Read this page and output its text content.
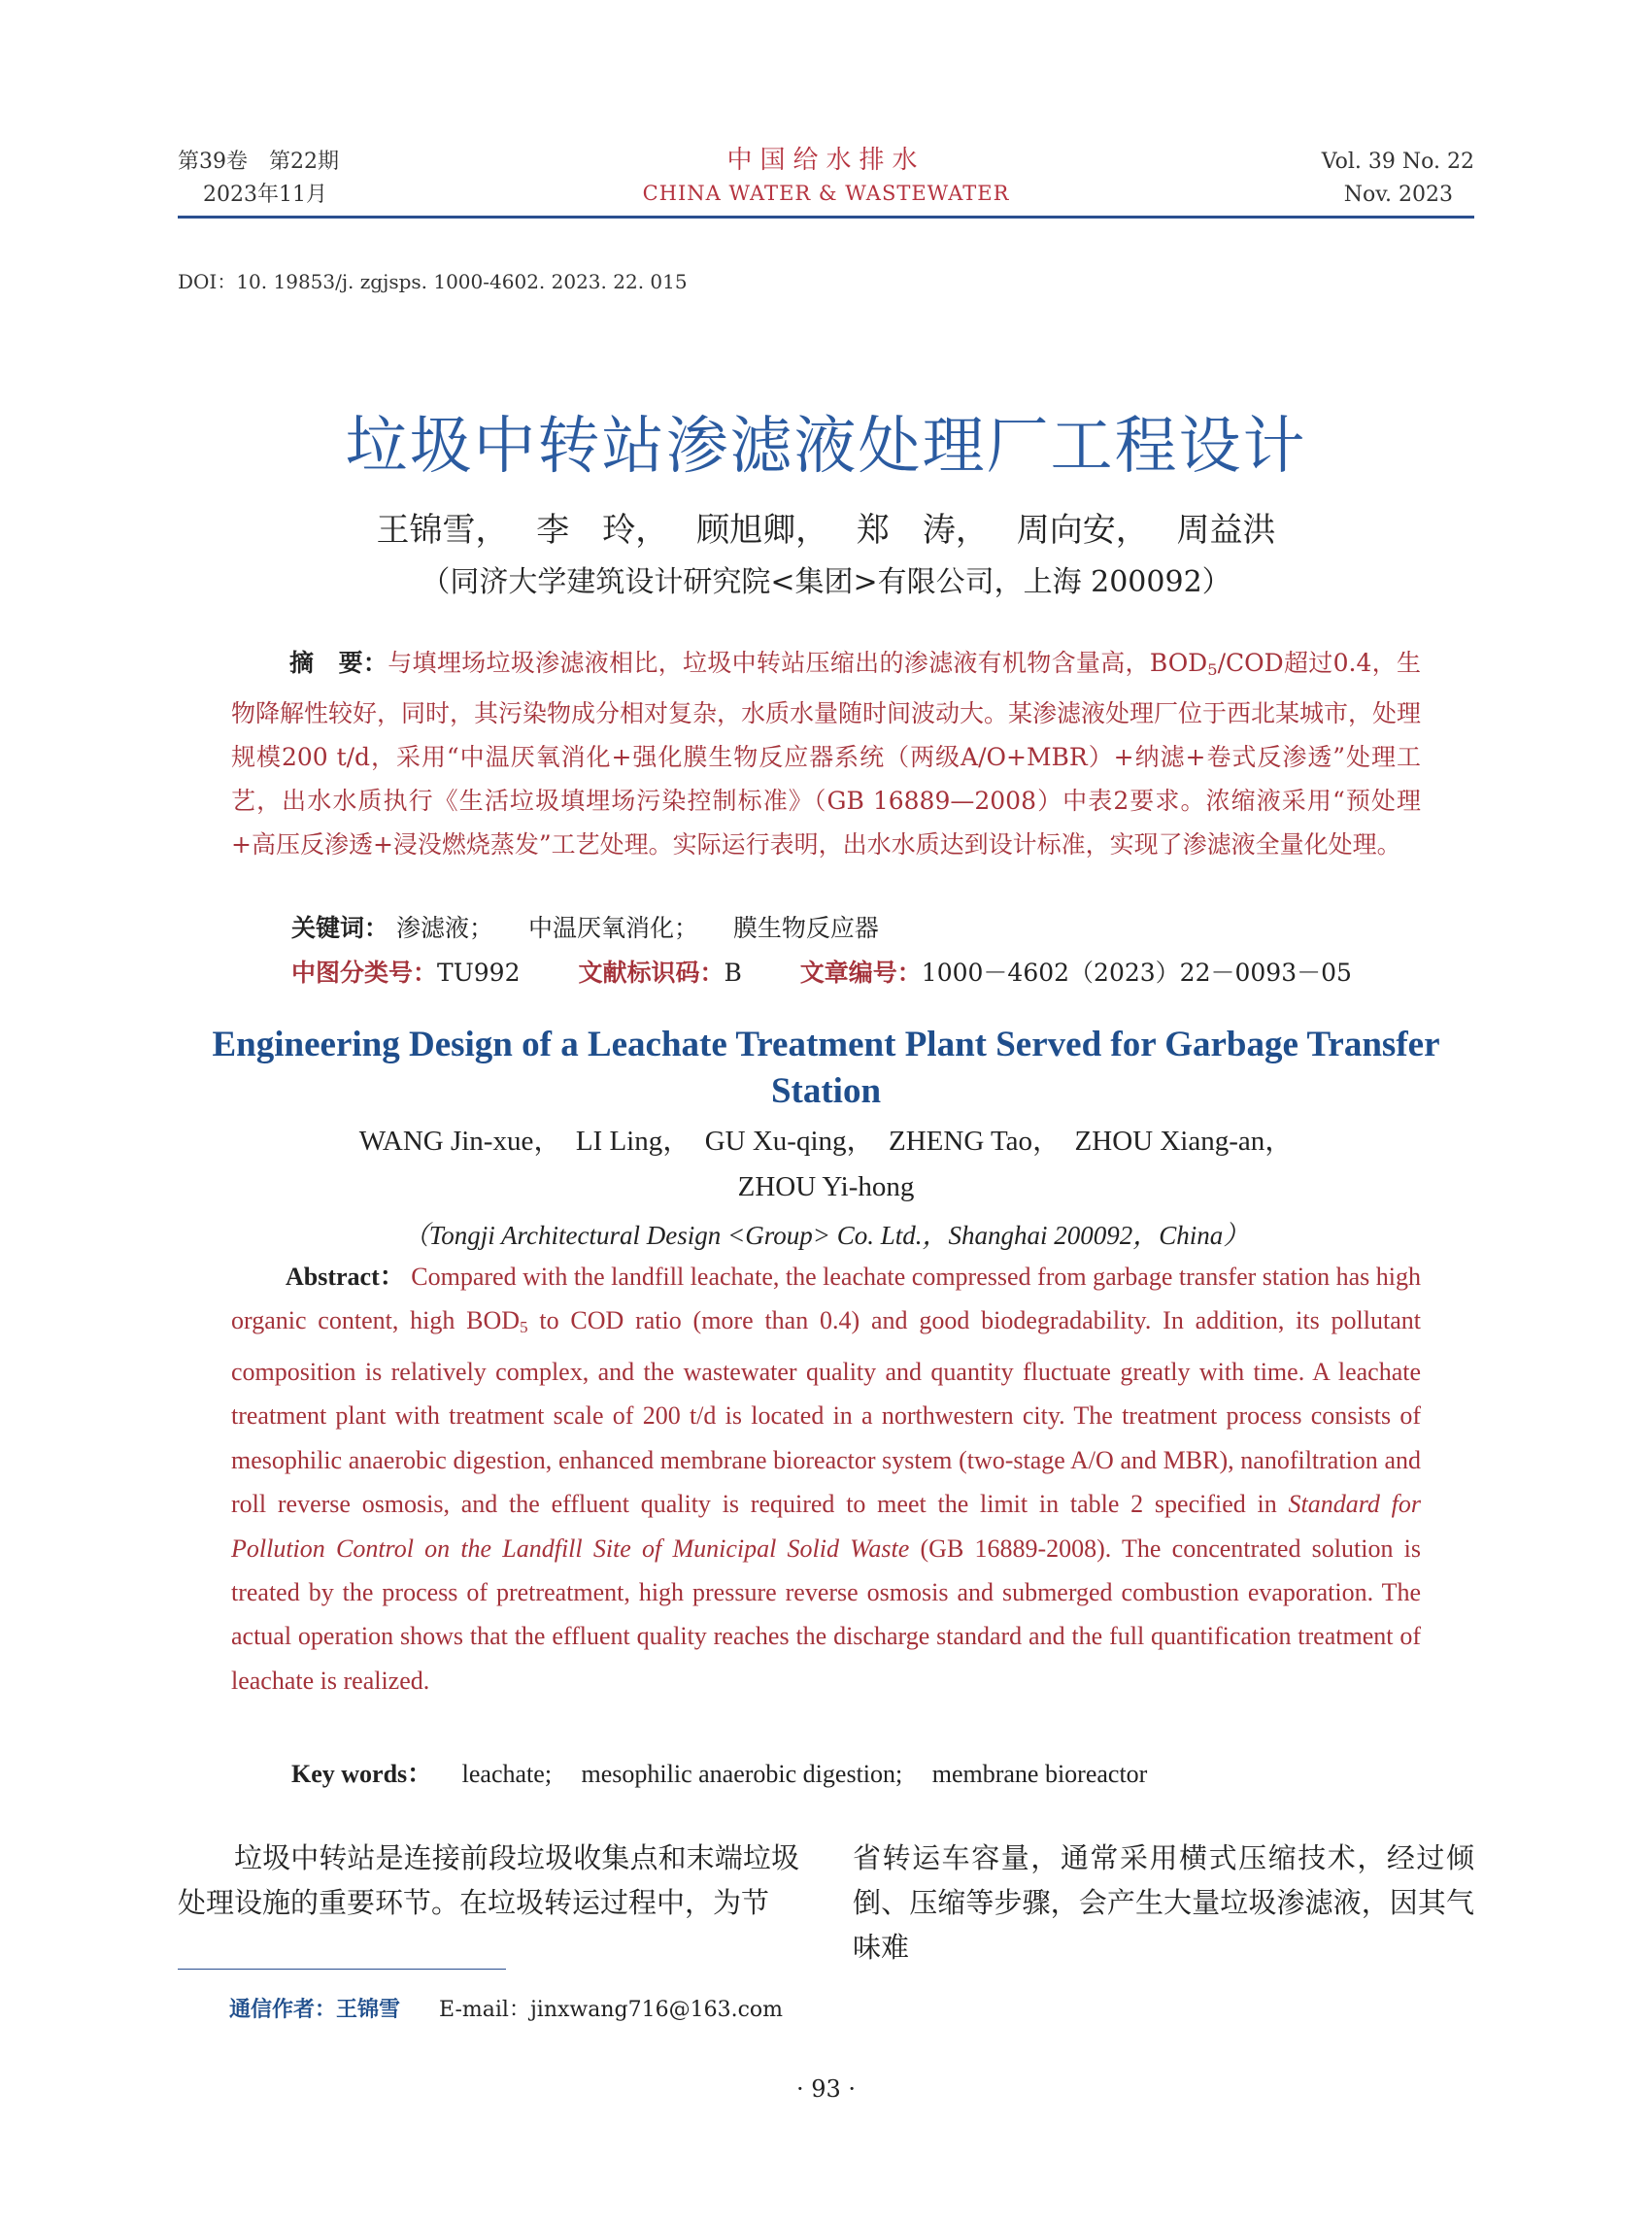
第39卷　第22期
2023年11月
中国给水排水
CHINA WATER & WASTEWATER
Vol. 39 No. 22
Nov. 2023
DOI：10. 19853/j. zgjsps. 1000-4602. 2023. 22. 015
垃圾中转站渗滤液处理厂工程设计
王锦雪， 李　玲， 顾旭卿， 郑　涛， 周向安， 周益洪
（同济大学建筑设计研究院<集团>有限公司，上海 200092）
摘　要：与填埋场垃圾渗滤液相比，垃圾中转站压缩出的渗滤液有机物含量高，$BOD_5$/COD超过0.4，生物降解性较好，同时，其污染物成分相对复杂，水质水量随时间波动大。某渗滤液处理厂位于西北某城市，处理规模200 t/d，采用“中温厌氧消化+强化膜生物反应器系统（两级A/O+MBR）+纳滤+卷式反渗透”处理工艺，出水水质执行《生活垃圾填埋场污染控制标准》（GB 16889—2008）中表2要求。浓缩液采用“预处理+高压反渗透+浸没燃烧蒸发”工艺处理。实际运行表明，出水水质达到设计标准，实现了渗滤液全量化处理。
关键词： 渗滤液； 中温厌氧消化； 膜生物反应器
中图分类号：TU992 文献标识码：B 文章编号：1000－4602（2023）22－0093－05
Engineering Design of a Leachate Treatment Plant Served for Garbage Transfer Station
WANG Jin-xue，　LI Ling，　GU Xu-qing，　ZHENG Tao，　ZHOU Xiang-an，
ZHOU Yi-hong
（Tongji Architectural Design <Group> Co. Ltd.，Shanghai 200092，China）
Abstract： Compared with the landfill leachate, the leachate compressed from garbage transfer station has high organic content, high $BOD_5$ to COD ratio (more than 0.4) and good biodegradability. In addition, its pollutant composition is relatively complex, and the wastewater quality and quantity fluctuate greatly with time. A leachate treatment plant with treatment scale of 200 t/d is located in a northwestern city. The treatment process consists of mesophilic anaerobic digestion, enhanced membrane bioreactor system (two-stage A/O and MBR), nanofiltration and roll reverse osmosis, and the effluent quality is required to meet the limit in table 2 specified in Standard for Pollution Control on the Landfill Site of Municipal Solid Waste (GB 16889-2008). The concentrated solution is treated by the process of pretreatment, high pressure reverse osmosis and submerged combustion evaporation. The actual operation shows that the effluent quality reaches the discharge standard and the full quantification treatment of leachate is realized.
Key words： leachate; mesophilic anaerobic digestion; membrane bioreactor
垃圾中转站是连接前段垃圾收集点和末端垃圾处理设施的重要环节。在垃圾转运过程中，为节
省转运车容量，通常采用横式压缩技术，经过倾倒、压缩等步骤，会产生大量垃圾渗滤液，因其气味难
通信作者：王锦雪 E-mail：jinxwang716@163.com
· 93 ·
